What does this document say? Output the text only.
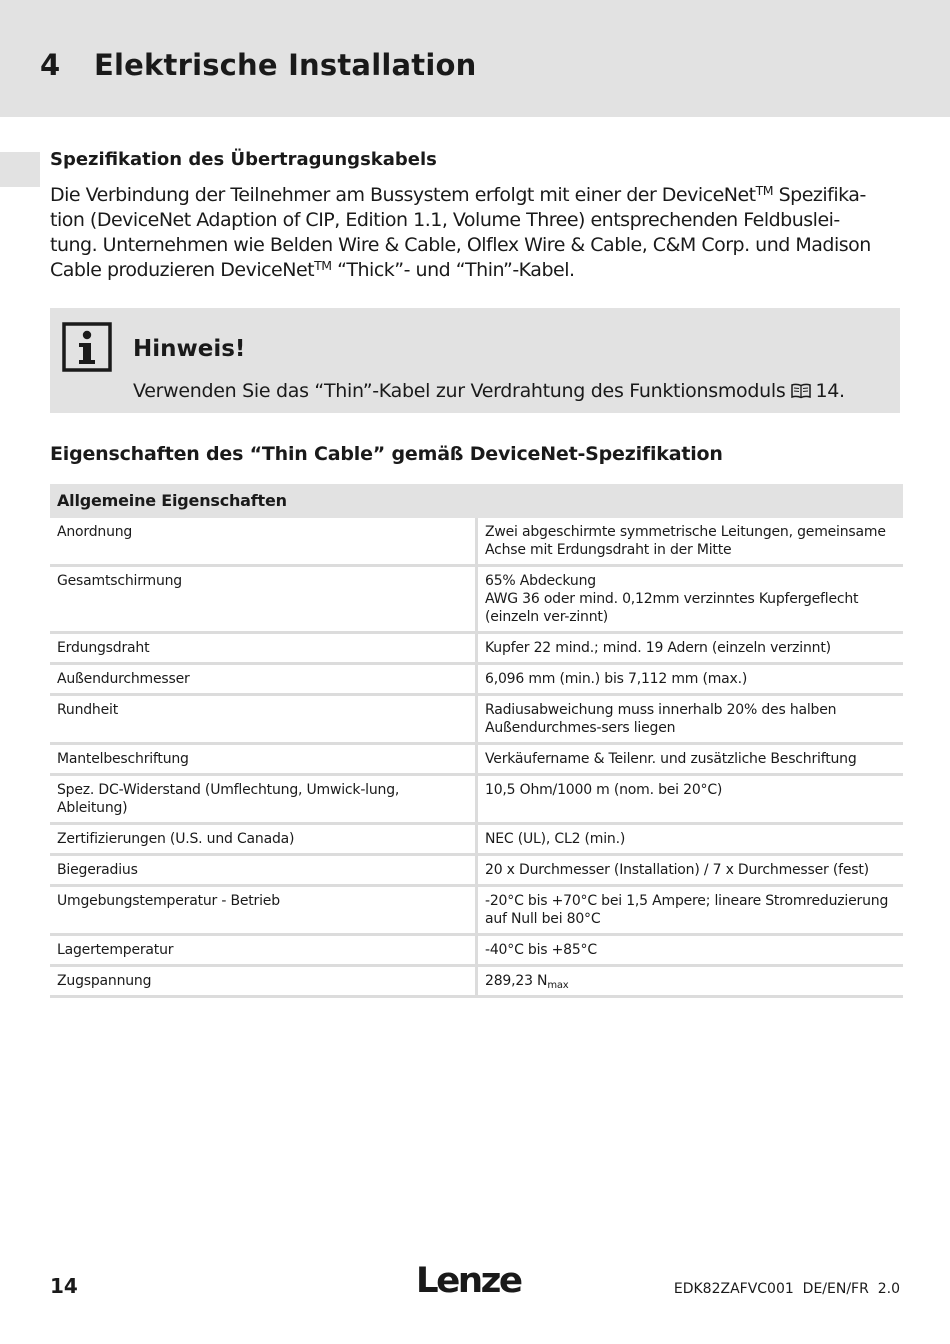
4 Elektrische Installation
Spezifikation des Übertragungskabels
Die Verbindung der Teilnehmer am Bussystem erfolgt mit einer der DeviceNet™ Spezifika-
tion (DeviceNet Adaption of CIP, Edition 1.1, Volume Three) entsprechenden Feldbuslei-
tung. Unternehmen wie Belden Wire & Cable, Olflex Wire & Cable, C&M Corp. und Madison
Cable produzieren DeviceNet™ “Thick”- und “Thin”-Kabel.
Hinweis!
Verwenden Sie das “Thin”-Kabel zur Verdrahtung des Funktionsmoduls 14.
Eigenschaften des “Thin Cable” gemäß DeviceNet-Spezifikation
Allgemeine Eigenschaften	
Anordnung	Zwei abgeschirmte symmetrische Leitungen, gemeinsame Achse mit Erdungsdraht in der Mitte
Gesamtschirmung	65% Abdeckung
AWG 36 oder mind. 0,12mm verzinntes Kupfergeflecht (einzeln ver-zinnt)

Erdungsdraht	Kupfer 22 mind.; mind. 19 Adern (einzeln verzinnt)
Außendurchmesser	6,096 mm (min.) bis 7,112 mm (max.)
Rundheit	Radiusabweichung muss innerhalb 20% des halben Außendurchmes-sers liegen
Mantelbeschriftung	Verkäufername & Teilenr. und zusätzliche Beschriftung
Spez. DC-Widerstand (Umflechtung, Umwick-lung, Ableitung)	10,5 Ohm/1000 m (nom. bei 20°C)
Zertifizierungen (U.S. und Canada)	NEC (UL), CL2 (min.)
Biegeradius	20 x Durchmesser (Installation) / 7 x Durchmesser (fest)
Umgebungstemperatur - Betrieb	-20°C bis +70°C bei 1,5 Ampere; lineare Stromreduzierung auf Null bei 80°C
Lagertemperatur	-40°C bis +85°C
Zugspannung	289,23 $N_{max}$
14	Lenze	EDK82ZAFVC001  DE/EN/FR  2.0
